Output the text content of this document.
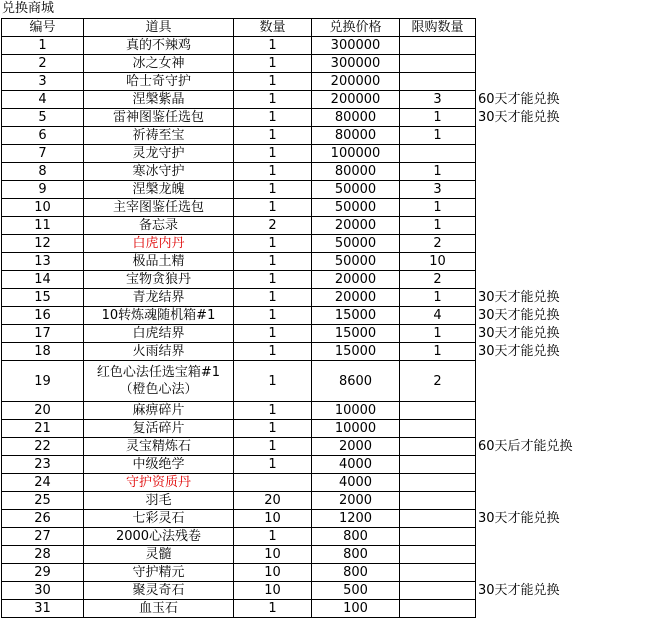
兑换商城
编号	道具	数量	兑换价格	限购数量	
1	真的不辣鸡	1	300000		
2	冰之女神	1	300000		
3	哈士奇守护	1	200000		
4	涅槃紫晶	1	200000	3	60天才能兑换
5	雷神图鉴任选包	1	80000	1	30天才能兑换
6	祈祷至宝	1	80000	1	
7	灵龙守护	1	100000		
8	寒冰守护	1	80000	1	
9	涅槃龙魄	1	50000	3	
10	主宰图鉴任选包	1	50000	1	
11	备忘录	2	20000	1	
12	白虎内丹	1	50000	2	
13	极品土精	1	50000	10	
14	宝物贪狼丹	1	20000	2	
15	青龙结界	1	20000	1	30天才能兑换
16	10转炼魂随机箱#1	1	15000	4	30天才能兑换
17	白虎结界	1	15000	1	30天才能兑换
18	火雨结界	1	15000	1	30天才能兑换
19	红色心法任选宝箱#1
（橙色心法）	1	8600	2	
20	麻痹碎片	1	10000		
21	复活碎片	1	10000		
22	灵宝精炼石	1	2000		60天后才能兑换
23	中级绝学	1	4000		
24	守护资质丹		4000		
25	羽毛	20	2000		
26	七彩灵石	10	1200		30天才能兑换
27	2000心法残卷	1	800		
28	灵髓	10	800		
29	守护精元	10	800		
30	聚灵奇石	10	500		30天才能兑换
31	血玉石	1	100		
